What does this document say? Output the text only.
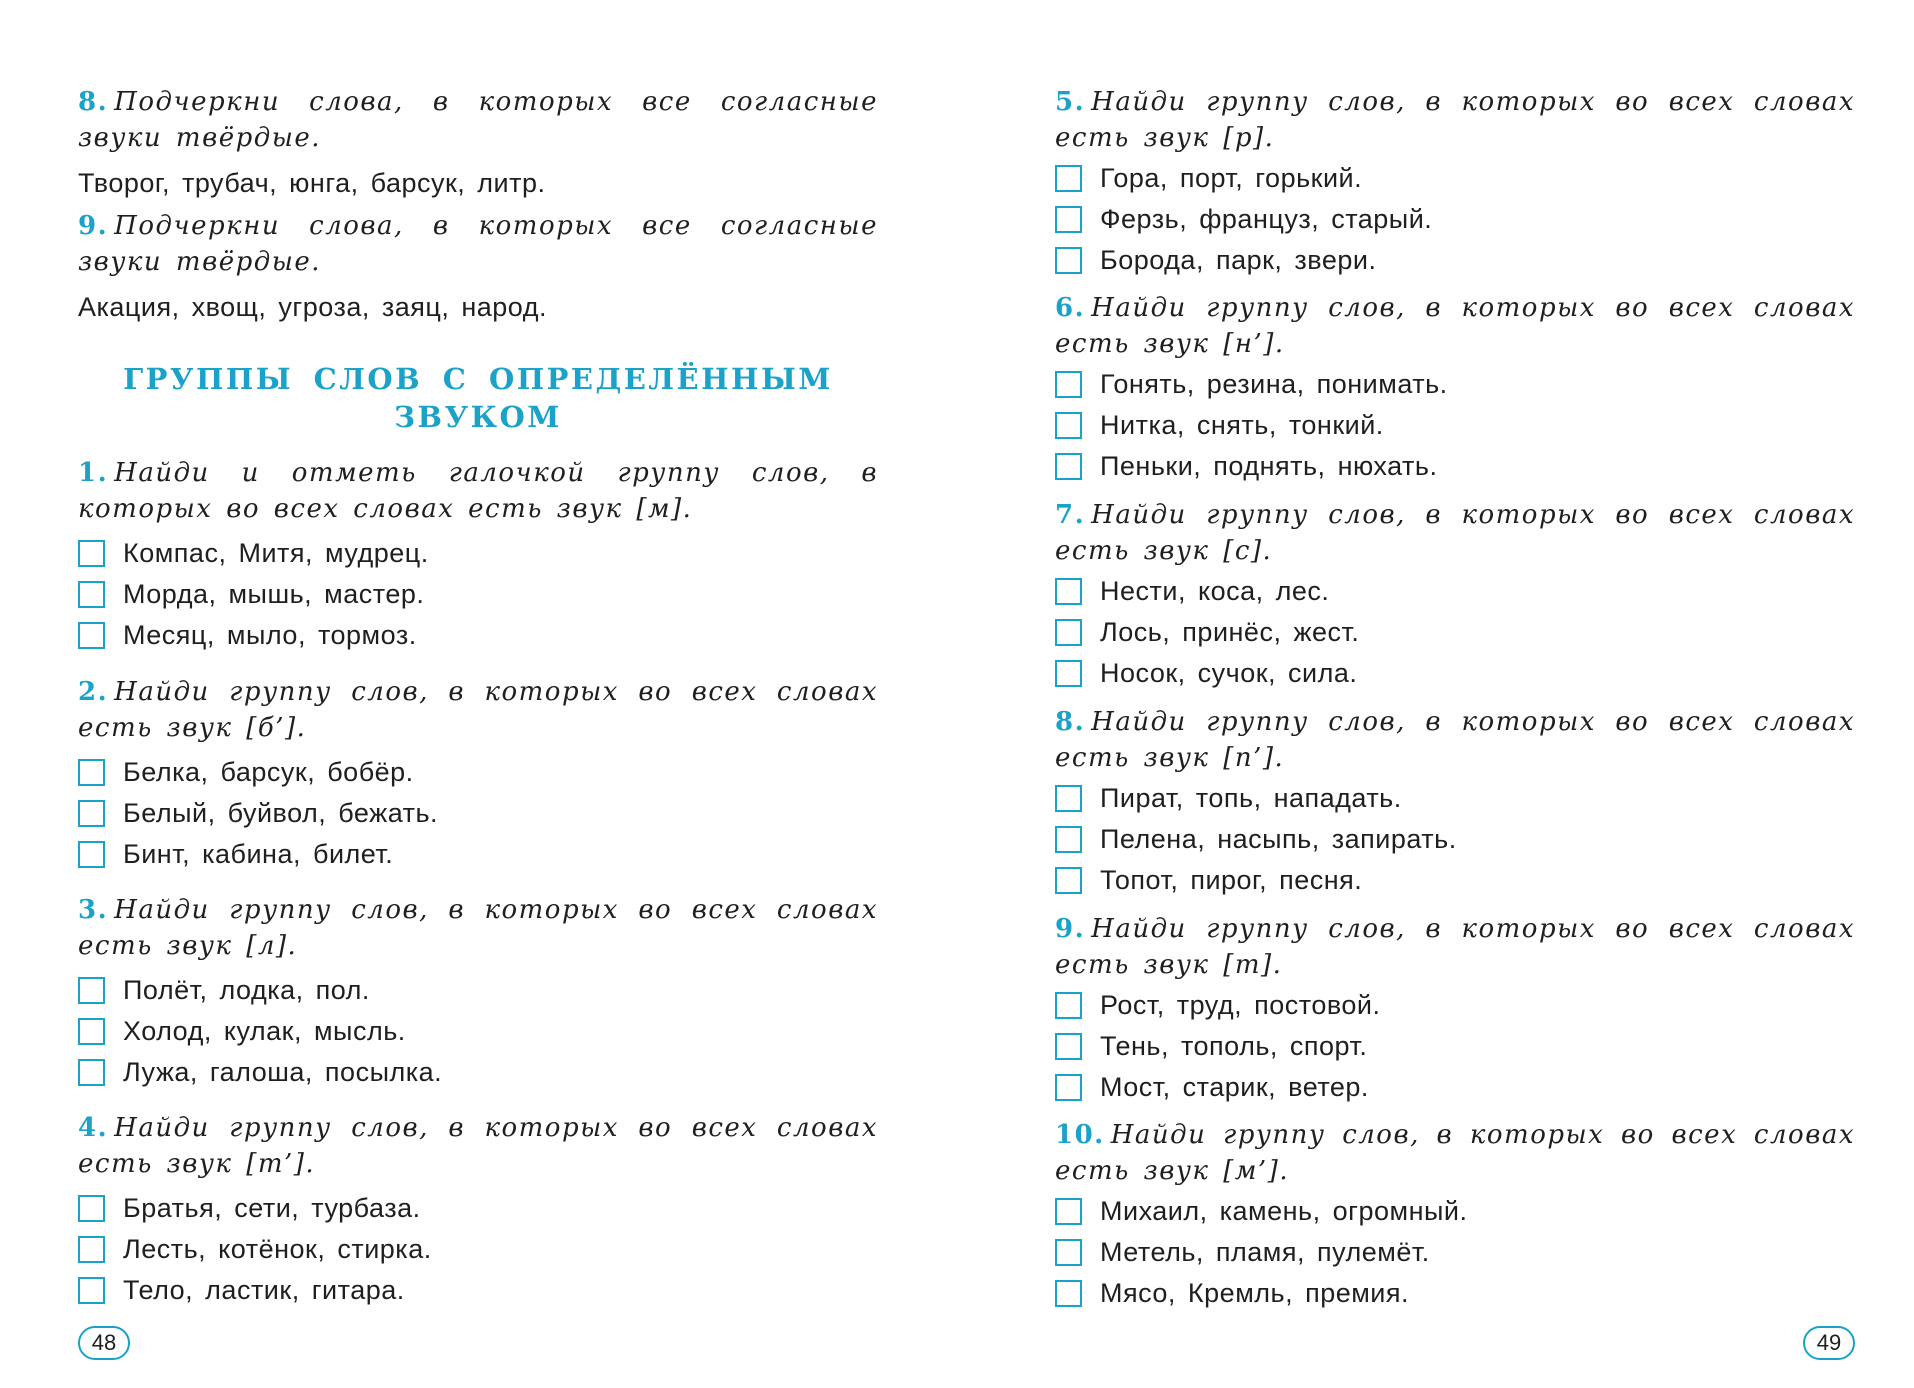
8. Подчеркни слова, в которых все согласные звуки твёрдые.

Творог, трубач, юнга, барсук, литр.

9. Подчеркни слова, в которых все согласные звуки твёрдые.

Акация, хвощ, угроза, заяц, народ.

ГРУППЫ СЛОВ С ОПРЕДЕЛЁННЫМ

ЗВУКОМ

1. Найди и отметь галочкой группу слов, в которых во всех словах есть звук [м].

Компас, Митя, мудрец.
Морда, мышь, мастер.
Месяц, мыло, тормоз.

2. Найди группу слов, в которых во всех словах есть звук [б’].

Белка, барсук, бобёр.
Белый, буйвол, бежать.
Бинт, кабина, билет.

3. Найди группу слов, в которых во всех словах есть звук [л].

Полёт, лодка, пол.
Холод, кулак, мысль.
Лужа, галоша, посылка.

4. Найди группу слов, в которых во всех словах есть звук [т’].

Братья, сети, турбаза.
Лесть, котёнок, стирка.
Тело, ластик, гитара.
48

5. Найди группу слов, в которых во всех словах есть звук [р].

Гора, порт, горький.
Ферзь, француз, старый.
Борода, парк, звери.

6. Найди группу слов, в которых во всех словах есть звук [н’].

Гонять, резина, понимать.
Нитка, снять, тонкий.
Пеньки, поднять, нюхать.

7. Найди группу слов, в которых во всех словах есть звук [с].

Нести, коса, лес.
Лось, принёс, жест.
Носок, сучок, сила.

8. Найди группу слов, в которых во всех словах есть звук [п’].

Пират, топь, нападать.
Пелена, насыпь, запирать.
Топот, пирог, песня.

9. Найди группу слов, в которых во всех словах есть звук [т].

Рост, труд, постовой.
Тень, тополь, спорт.
Мост, старик, ветер.

10. Найди группу слов, в которых во всех словах есть звук [м’].

Михаил, камень, огромный.
Метель, пламя, пулемёт.
Мясо, Кремль, премия.
49
